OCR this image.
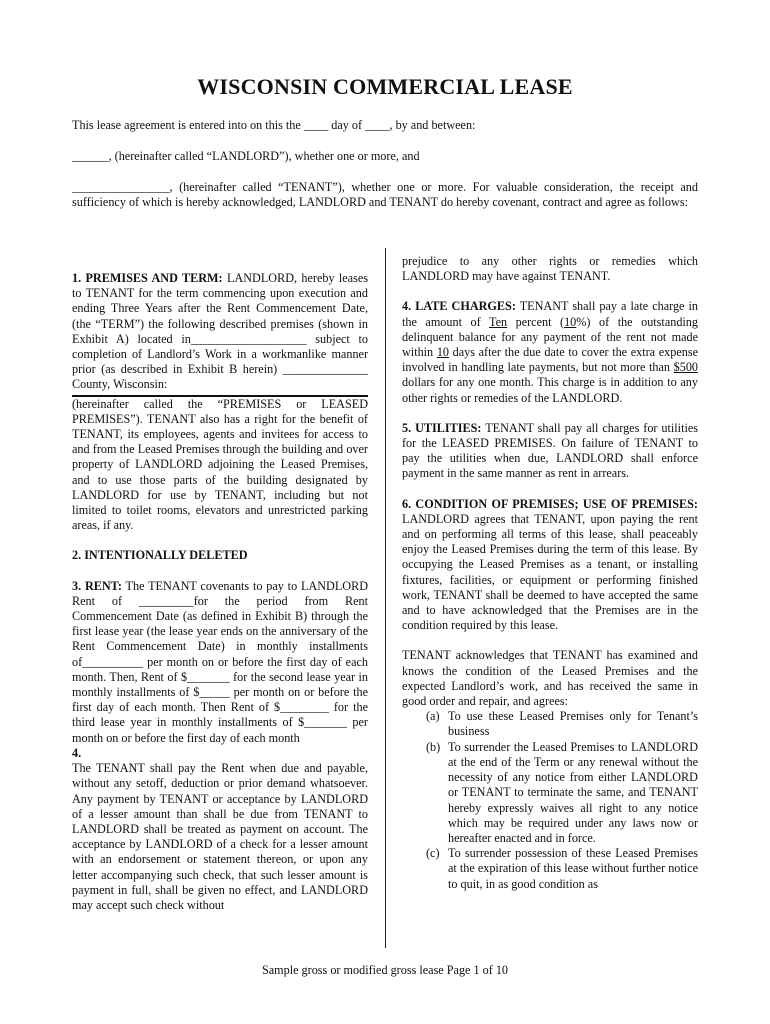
WISCONSIN COMMERCIAL LEASE
This lease agreement is entered into on this the ____ day of ____, by and between:
______, (hereinafter called “LANDLORD”), whether one or more, and
________________, (hereinafter called “TENANT”), whether one or more. For valuable consideration, the receipt and sufficiency of which is hereby acknowledged, LANDLORD and TENANT do hereby covenant, contract and agree as follows:

1. PREMISES AND TERM: LANDLORD, hereby leases to TENANT for the term commencing upon execution and ending Three Years after the Rent Commencement Date, (the “TERM”) the following described premises (shown in Exhibit A) located in___________________ subject to completion of Landlord’s Work in a workmanlike manner prior (as described in Exhibit B herein) ______________ County, Wisconsin:

(hereinafter called the “PREMISES or LEASED PREMISES”). TENANT also has a right for the benefit of TENANT, its employees, agents and invitees for access to and from the Leased Premises through the building and over property of LANDLORD adjoining the Leased Premises, and to use those parts of the building designated by LANDLORD for use by TENANT, including but not limited to toilet rooms, elevators and unrestricted parking areas, if any.

2. INTENTIONALLY DELETED

3. RENT: The TENANT covenants to pay to LANDLORD Rent of _________for the period from Rent Commencement Date (as defined in Exhibit B) through the first lease year (the lease year ends on the anniversary of the Rent Commencement Date) in monthly installments of__________ per month on or before the first day of each month. Then, Rent of $_______ for the second lease year in monthly installments of $_____ per month on or before the first day of each month. Then Rent of $________ for the third lease year in monthly installments of $_______ per month on or before the first day of each month

4.

The TENANT shall pay the Rent when due and payable, without any setoff, deduction or prior demand whatsoever. Any payment by TENANT or acceptance by LANDLORD of a lesser amount than shall be due from TENANT to LANDLORD shall be treated as payment on account. The acceptance by LANDLORD of a check for a lesser amount with an endorsement or statement thereon, or upon any letter accompanying such check, that such lesser amount is payment in full, shall be given no effect, and LANDLORD may accept such check without

prejudice to any other rights or remedies which LANDLORD may have against TENANT.

4. LATE CHARGES: TENANT shall pay a late charge in the amount of Ten percent (10%) of the outstanding delinquent balance for any payment of the rent not made within 10 days after the due date to cover the extra expense involved in handling late payments, but not more than $500 dollars for any one month. This charge is in addition to any other rights or remedies of the LANDLORD.

5. UTILITIES: TENANT shall pay all charges for utilities for the LEASED PREMISES. On failure of TENANT to pay the utilities when due, LANDLORD shall enforce payment in the same manner as rent in arrears.

6. CONDITION OF PREMISES; USE OF PREMISES: LANDLORD agrees that TENANT, upon paying the rent and on performing all terms of this lease, shall peaceably enjoy the Leased Premises during the term of this lease. By occupying the Leased Premises as a tenant, or installing fixtures, facilities, or equipment or performing finished work, TENANT shall be deemed to have accepted the same and to have acknowledged that the Premises are in the condition required by this lease.

TENANT acknowledges that TENANT has examined and knows the condition of the Leased Premises and the expected Landlord’s work, and has received the same in good order and repair, and agrees:

(a) To use these Leased Premises only for Tenant’s business
(b) To surrender the Leased Premises to LANDLORD at the end of the Term or any renewal without the necessity of any notice from either LANDLORD or TENANT to terminate the same, and TENANT hereby expressly waives all right to any notice which may be required under any laws now or hereafter enacted and in force.
(c) To surrender possession of these Leased Premises at the expiration of this lease without further notice to quit, in as good condition as
Sample gross or modified gross lease Page 1 of 10
